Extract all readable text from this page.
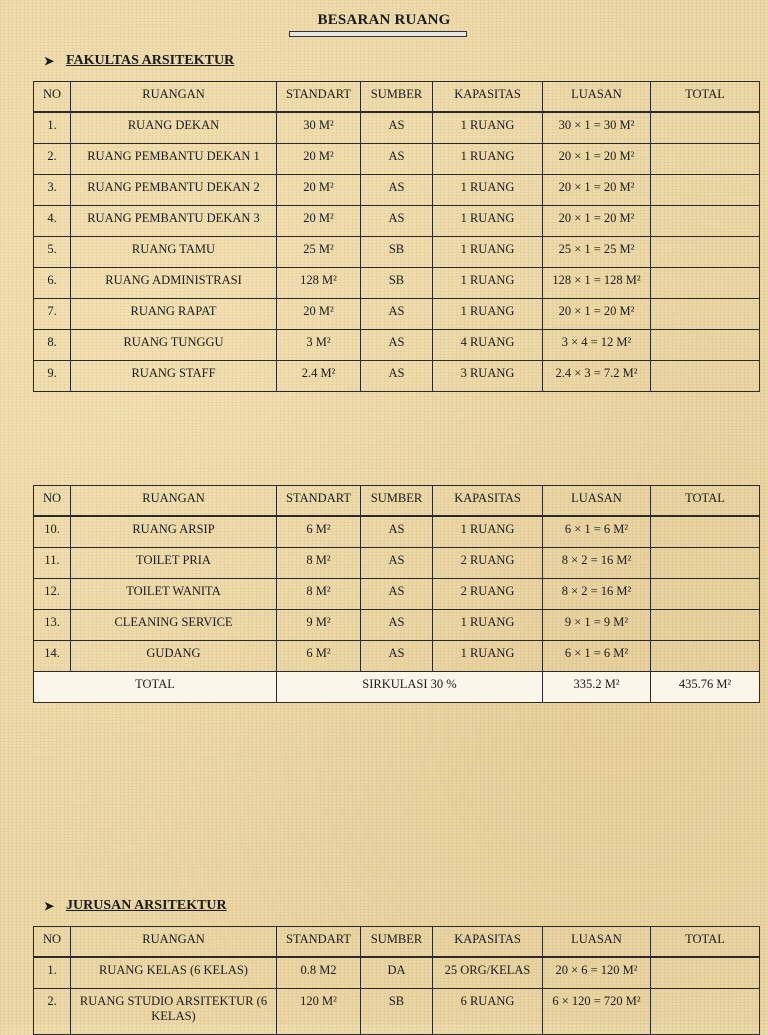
BESARAN RUANG
➤ FAKULTAS ARSITEKTUR
NO	RUANGAN	STANDART	SUMBER	KAPASITAS	LUASAN	TOTAL
1.	RUANG DEKAN	30 M²	AS	1 RUANG	30 × 1 = 30 M²	
2.	RUANG PEMBANTU DEKAN 1	20 M²	AS	1 RUANG	20 × 1 = 20 M²	
3.	RUANG PEMBANTU DEKAN 2	20 M²	AS	1 RUANG	20 × 1 = 20 M²	
4.	RUANG PEMBANTU DEKAN 3	20 M²	AS	1 RUANG	20 × 1 = 20 M²	
5.	RUANG TAMU	25 M²	SB	1 RUANG	25 × 1 = 25 M²	
6.	RUANG ADMINISTRASI	128 M²	SB	1 RUANG	128 × 1 = 128 M²	
7.	RUANG RAPAT	20 M²	AS	1 RUANG	20 × 1 = 20 M²	
8.	RUANG TUNGGU	3 M²	AS	4 RUANG	3 × 4 = 12 M²	
9.	RUANG STAFF	2.4 M²	AS	3 RUANG	2.4 × 3 = 7.2 M²	
NO	RUANGAN	STANDART	SUMBER	KAPASITAS	LUASAN	TOTAL
10.	RUANG ARSIP	6 M²	AS	1 RUANG	6 × 1 = 6 M²	
11.	TOILET PRIA	8 M²	AS	2 RUANG	8 × 2 = 16 M²	
12.	TOILET WANITA	8 M²	AS	2 RUANG	8 × 2 = 16 M²	
13.	CLEANING SERVICE	9 M²	AS	1 RUANG	9 × 1 = 9 M²	
14.	GUDANG	6 M²	AS	1 RUANG	6 × 1 = 6 M²	
TOTAL		SIRKULASI 30 %			335.2 M²	435.76 M²
➤ JURUSAN ARSITEKTUR
NO	RUANGAN	STANDART	SUMBER	KAPASITAS	LUASAN	TOTAL
1.	RUANG KELAS (6 KELAS)	0.8 M2	DA	25 ORG/KELAS	20 × 6 = 120 M²	
2.	RUANG STUDIO ARSITEKTUR (6 KELAS)	120 M²	SB	6 RUANG	6 × 120 = 720 M²	
